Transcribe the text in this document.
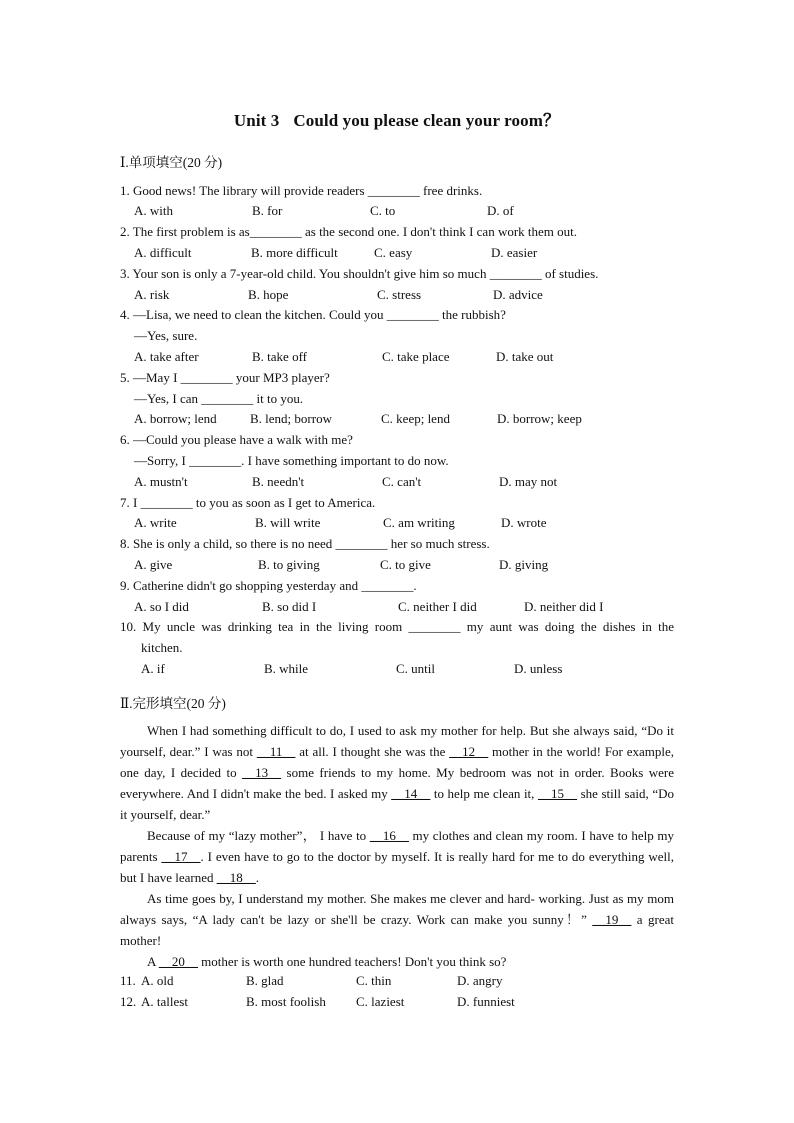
Unit 3 Could you please clean your room？
Ⅰ.单项填空(20 分)
1. Good news! The library will provide readers ________ free drinks.
A. with	B. for	C. to	D. of
2. The first problem is as________ as the second one. I don't think I can work them out.
A. difficult	B. more difficult	C. easy	D. easier
3. Your son is only a 7-year-old child. You shouldn't give him so much ________ of studies.
A. risk	B. hope	C. stress	D. advice
4. —Lisa, we need to clean the kitchen. Could you ________ the rubbish?
—Yes, sure.
A. take after	B. take off	C. take place	D. take out
5. —May I ________ your MP3 player?
—Yes, I can ________ it to you.
A. borrow; lend	B. lend; borrow	C. keep; lend	D. borrow; keep
6. —Could you please have a walk with me?
—Sorry, I ________. I have something important to do now.
A. mustn't	B. needn't	C. can't	D. may not
7. I ________ to you as soon as I get to America.
A. write	B. will write	C. am writing	D. wrote
8. She is only a child, so there is no need ________ her so much stress.
A. give	B. to giving	C. to give	D. giving
9. Catherine didn't go shopping yesterday and ________.
A. so I did	B. so did I	C. neither I did	D. neither did I
10. My uncle was drinking tea in the living room ________ my aunt was doing the dishes in the
kitchen.
A. if	B. while	C. until	D. unless
Ⅱ.完形填空(20 分)

When I had something difficult to do, I used to ask my mother for help. But she always said, “Do it yourself, dear.” I was not __11__ at all. I thought she was the __12__ mother in the world! For example, one day, I decided to __13__ some friends to my home. My bedroom was not in order. Books were everywhere. And I didn't make the bed. I asked my __14__ to help me clean it, __15__ she still said, “Do it yourself, dear.”

Because of my “lazy mother”， I have to __16__ my clothes and clean my room. I have to help my parents __17__. I even have to go to the doctor by myself. It is really hard for me to do everything well, but I have learned __18__.

As time goes by, I understand my mother. She makes me clever and hard- working. Just as my mom always says, “A lady can't be lazy or she'll be crazy. Work can make you sunny！” __19__ a great mother!

A __20__ mother is worth one hundred teachers! Don't you think so?

11. A. old	B. glad	C. thin	D. angry
12. A. tallest	B. most foolish C. laziest	D. funniest
